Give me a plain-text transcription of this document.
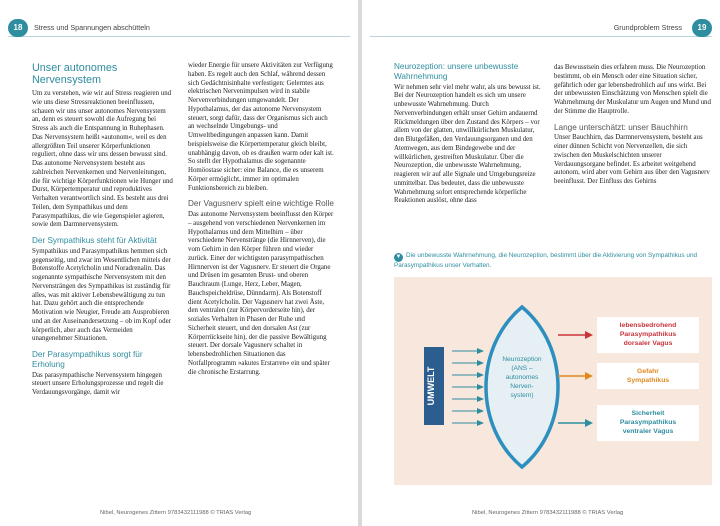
18	Stress und Spannungen abschütteln
Unser autonomes Nervensystem

Um zu verstehen, wie wir auf Stress reagieren und wie uns diese Stressreaktionen beeinflussen, schauen wir uns unser autonomes Nervensystem an, denn es steuert sowohl die Aufregung bei Stress als auch die Entspannung in Ruhephasen. Das Nervensystem heißt »autonom«, weil es den allergrößten Teil unserer Körperfunktionen reguliert, ohne dass wir uns dessen bewusst sind. Das autonome Nervensystem besteht aus zahlreichen Nervenkernen und Nervenleitungen, die für wichtige Körperfunktionen wie Hunger und Durst, Körpertemperatur und reproduktives Verhalten verantwortlich sind. Es besteht aus drei Teilen, dem Sympathikus und dem Parasympathikus, die wie Gegenspieler agieren, sowie dem Darmnervensystem.

Der Sympathikus steht für Aktivität

Sympathikus und Parasympathikus hemmen sich gegenseitig, und zwar im Wesentlichen mittels der Botenstoffe Acetylcholin und Noradrenalin. Das sogenannte sympathische Nervensystem mit den Nervensträngen des Sympathikus ist zuständig für alles, was mit aktiver Lebensbewältigung zu tun hat. Dazu gehört auch die entsprechende Motivation wie Neugier, Freude am Ausprobieren und an der Auseinandersetzung – ob im Kopf oder körperlich, aber auch das Vermeiden unangenehmer Situationen.

Der Parasympathikus sorgt für Erholung

Das parasympathische Nervensystem hingegen steuert unsere Erholungsprozesse und regelt die Verdauungsvorgänge, damit wir

wieder Energie für unsere Aktivitäten zur Verfügung haben. Es regelt auch den Schlaf, während dessen sich Gedächtnisinhalte verfestigen: Gelerntes aus elektrischen Nervenimpulsen wird in stabile Nervenverbindungen umgewandelt. Der Hypothalamus, der das autonome Nervensystem steuert, sorgt dafür, dass der Organismus sich auch an wechselnde Umgebungs- und Umweltbedingungen anpassen kann. Damit beispielsweise die Körpertemperatur gleich bleibt, unabhängig davon, ob es draußen warm oder kalt ist. So stellt der Hypothalamus die sogenannte Homöostase sicher: eine Balance, die es unserem Körper ermöglicht, immer im optimalen Funktionsbereich zu bleiben.

Der Vagusnerv spielt eine wichtige Rolle

Das autonome Nervensystem beeinflusst den Körper – ausgehend von verschiedenen Nervenkernen im Hypothalamus und dem Mittelhirn – über verschiedene Nervenstränge (die Hirnnerven), die vom Gehirn in den Körper führen und wieder zurück. Einer der wichtigsten parasympathischen Hirnnerven ist der Vagusnerv. Er steuert die Organe und Drüsen im gesamten Brust- und oberen Bauchraum (Lunge, Herz, Leber, Magen, Bauchspeicheldrüse, Dünndarm). Als Botenstoff dient Acetylcholin. Der Vagusnerv hat zwei Äste, den ventralen (zur Körpervorderseite hin), der soziales Verhalten in Phasen der Ruhe und Sicherheit steuert, und den dorsalen Ast (zur Körperrückseite hin), der die passive Bewältigung steuert. Der dorsale Vagusnerv schaltet in lebensbedrohlichen Situationen das Notfallprogramm »akutes Erstarren« ein und später die chronische Erstarrung.

Nibel, Neurogenes Zittern 9783432111988 © TRIAS Verlag
Grundproblem Stress	19
Nibel, Neurogenes Zittern 9783432111988 © TRIAS Verlag
Neurozeption: unsere unbewusste Wahrnehmung

Wir nehmen sehr viel mehr wahr, als uns bewusst ist. Bei der Neurozeption handelt es sich um unsere unbewusste Wahrnehmung. Durch Nervenverbindungen erhält unser Gehirn andauernd Rückmeldungen über den Zustand des Körpers – vor allem von der glatten, unwillkürlichen Muskulatur, den Blutgefäßen, den Verdauungsorganen und den Atemwegen, aus dem Bindegewebe und der willkürlichen, gestreiften Muskulatur. Über die Neurozeption, die unbewusste Wahrnehmung, reagieren wir auf alle Signale und Umgebungsreize unmittelbar. Das bedeutet, dass die unbewusste Wahrnehmung sofort entsprechende körperliche Reaktionen auslöst, ohne dass

das Bewusstsein dies erfahren muss. Die Neurozeption bestimmt, ob ein Mensch oder eine Situation sicher, gefährlich oder gar lebensbedrohlich auf uns wirkt. Bei der unbewussten Einschätzung von Menschen spielt die Wahrnehmung der Muskulatur um Augen und Mund und der Stimme die Hauptrolle.

Lange unterschätzt: unser Bauchhirn

Unser Bauchhirn, das Darmnervensystem, besteht aus einer dünnen Schicht von Nervenzellen, die sich zwischen den Muskelschichten unserer Verdauungsorgane befindet. Es arbeitet weitgehend autonom, wird aber vom Gehirn aus über den Vagusnerv beeinflusst. Der Einfluss des Gehirns

▼ Die unbewusste Wahrnehmung, die Neurozeption, bestimmt über die Aktivierung von Sympathikus und Parasympathikus unser Verhalten.
UMWELT
Neurozeption (ANS – autonomes Nerven-system)
lebensbedrohend Parasympathikus dorsaler Vagus
Gefahr Sympathikus
Sicherheit Parasympathikus ventraler Vagus
